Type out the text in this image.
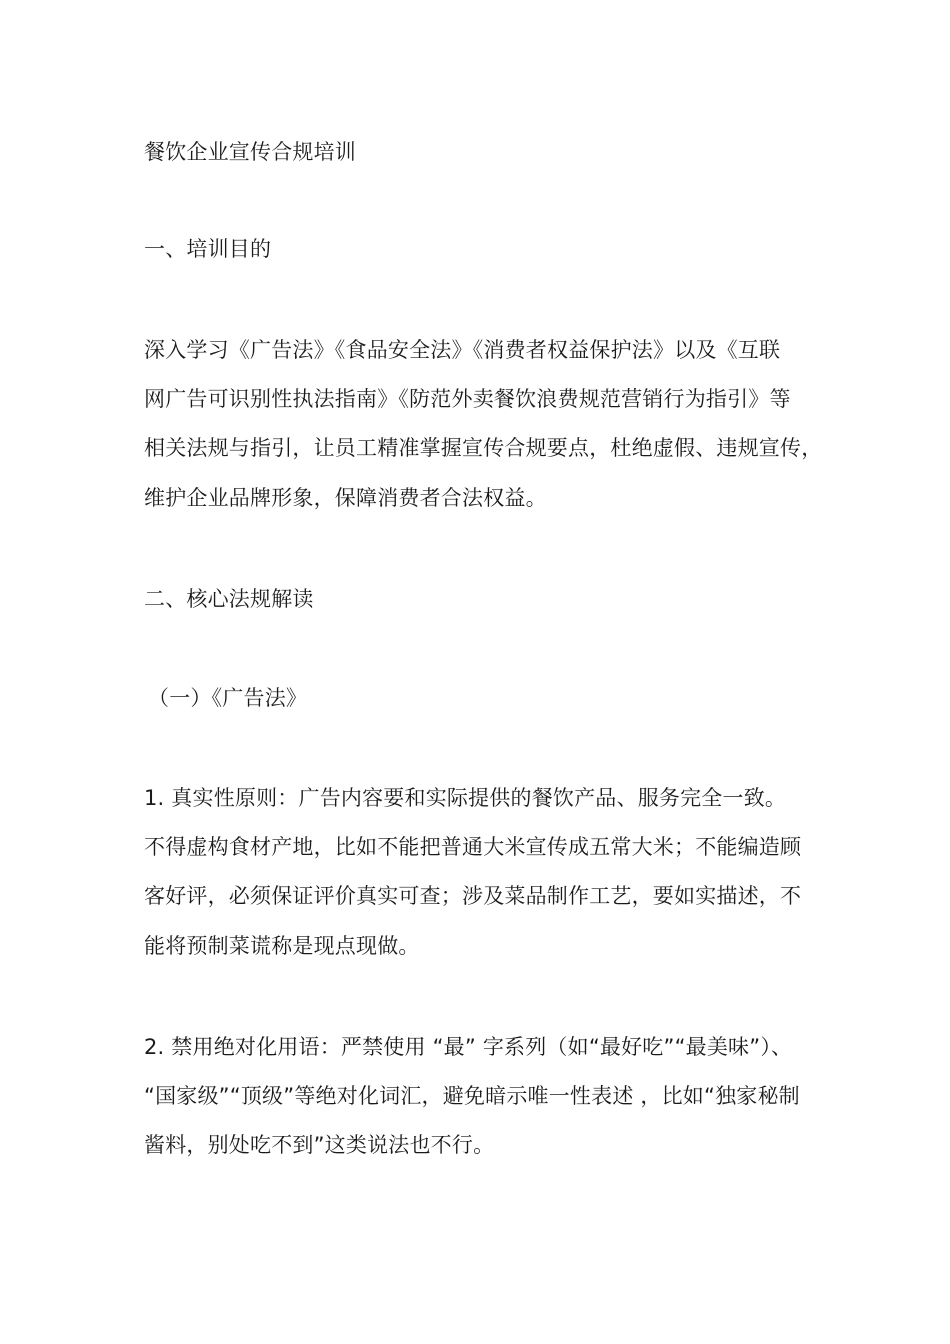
餐饮企业宣传合规培训
一、培训目的
深入学习《广告法》《食品安全法》《消费者权益保护法》以及《互联
网广告可识别性执法指南》《防范外卖餐饮浪费规范营销行为指引》等
相关法规与指引，让员工精准掌握宣传合规要点，杜绝虚假、违规宣传，
维护企业品牌形象，保障消费者合法权益。
二、核心法规解读
（一）《广告法》
1. 真实性原则：广告内容要和实际提供的餐饮产品、服务完全一致。
不得虚构食材产地，比如不能把普通大米宣传成五常大米；不能编造顾
客好评，必须保证评价真实可查；涉及菜品制作工艺，要如实描述，不
能将预制菜谎称是现点现做。
2. 禁用绝对化用语：严禁使用 “最” 字系列（如“最好吃”“最美味”）、
“国家级”“顶级”等绝对化词汇，避免暗示唯一性表述 ，比如“独家秘制
酱料，别处吃不到”这类说法也不行。
